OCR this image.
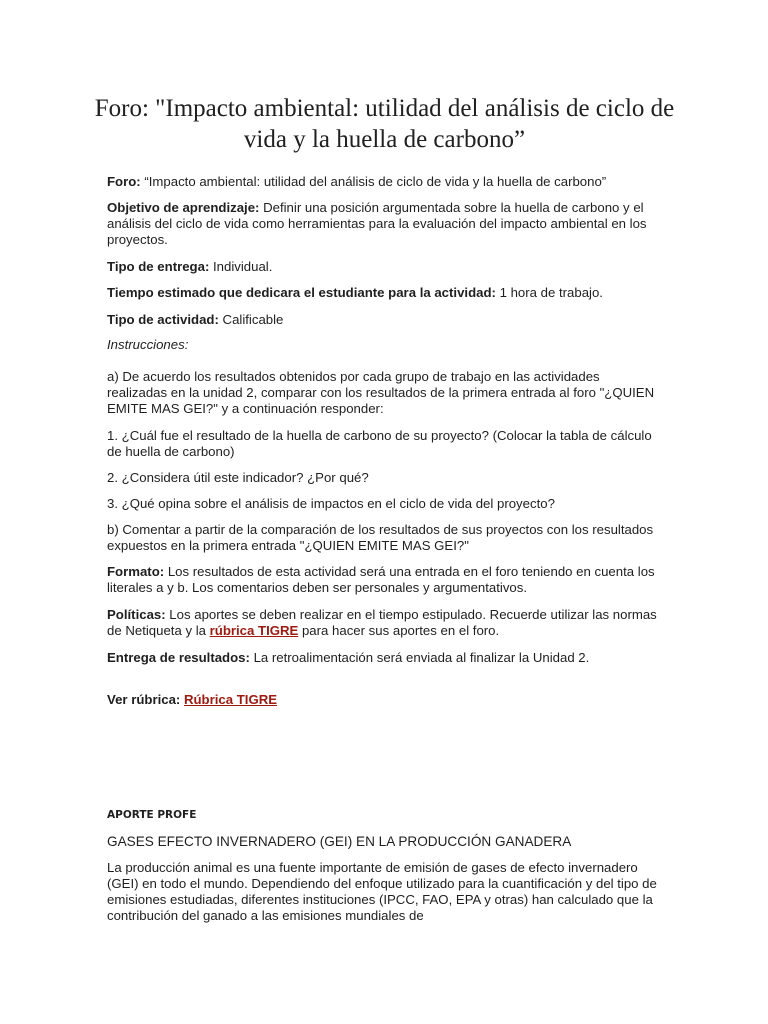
Foro: "Impacto ambiental: utilidad del análisis de ciclo de vida y la huella de carbono”

Foro: “Impacto ambiental: utilidad del análisis de ciclo de vida y la huella de carbono”

Objetivo de aprendizaje: Definir una posición argumentada sobre la huella de carbono y el análisis del ciclo de vida como herramientas para la evaluación del impacto ambiental en los proyectos.

Tipo de entrega: Individual.

Tiempo estimado que dedicara el estudiante para la actividad: 1 hora de trabajo.

Tipo de actividad: Calificable

Instrucciones:

a) De acuerdo los resultados obtenidos por cada grupo de trabajo en las actividades realizadas en la unidad 2, comparar con los resultados de la primera entrada al foro "¿QUIEN EMITE MAS GEI?" y a continuación responder:

1. ¿Cuál fue el resultado de la huella de carbono de su proyecto? (Colocar la tabla de cálculo de huella de carbono)

2. ¿Considera útil este indicador? ¿Por qué?

3. ¿Qué opina sobre el análisis de impactos en el ciclo de vida del proyecto?

b) Comentar a partir de la comparación de los resultados de sus proyectos con los resultados expuestos en la primera entrada "¿QUIEN EMITE MAS GEI?"

Formato: Los resultados de esta actividad será una entrada en el foro teniendo en cuenta los literales a y b. Los comentarios deben ser personales y argumentativos.

Políticas: Los aportes se deben realizar en el tiempo estipulado. Recuerde utilizar las normas de Netiqueta y la rúbrica TIGRE para hacer sus aportes en el foro.

Entrega de resultados: La retroalimentación será enviada al finalizar la Unidad 2.

Ver rúbrica: Rúbrica TIGRE

APORTE PROFE

GASES EFECTO INVERNADERO (GEI) EN LA PRODUCCIÓN GANADERA

La producción animal es una fuente importante de emisión de gases de efecto invernadero (GEI) en todo el mundo. Dependiendo del enfoque utilizado para la cuantificación y del tipo de emisiones estudiadas, diferentes instituciones (IPCC, FAO, EPA y otras) han calculado que la contribución del ganado a las emisiones mundiales de
